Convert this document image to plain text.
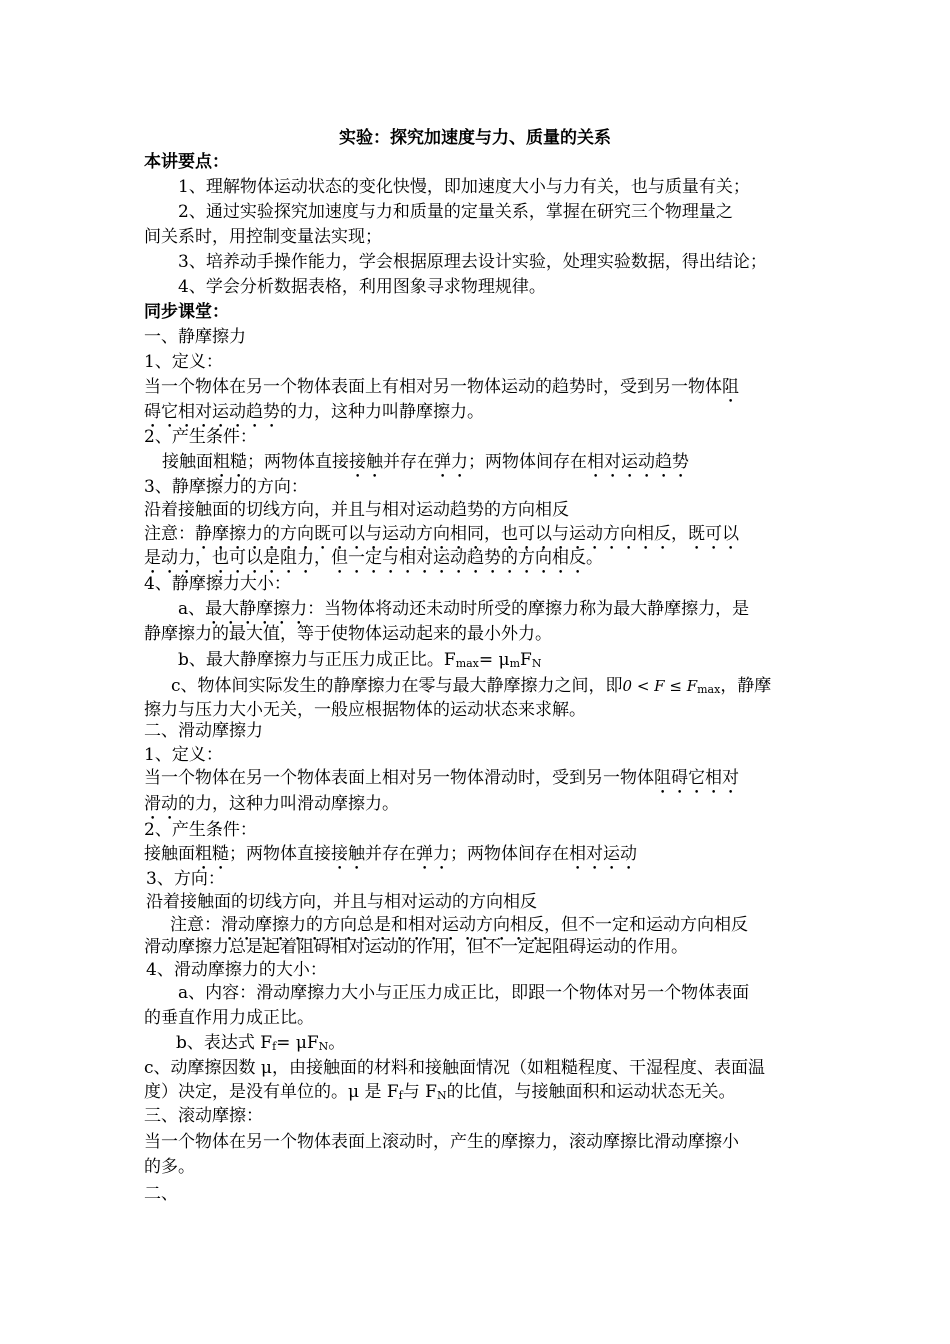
实验：探究加速度与力、质量的关系
本讲要点：
1、理解物体运动状态的变化快慢，即加速度大小与力有关，也与质量有关；
2、通过实验探究加速度与力和质量的定量关系，掌握在研究三个物理量之
间关系时，用控制变量法实现；
3、培养动手操作能力，学会根据原理去设计实验，处理实验数据，得出结论；
4、学会分析数据表格，利用图象寻求物理规律。
同步课堂：
一、静摩擦力
1、定义：
当一个物体在另一个物体表面上有相对另一物体运动的趋势时，受到另一物体阻
碍它相对运动趋势的力，这种力叫静摩擦力。
2、产生条件：
接触面粗糙；两物体直接接触并存在弹力；两物体间存在相对运动趋势
3、静摩擦力的方向：
沿着接触面的切线方向，并且与相对运动趋势的方向相反
注意：静摩擦力的方向既可以与运动方向相同，也可以与运动方向相反，既可以
是动力，也可以是阻力，但一定与相对运动趋势的方向相反。
4、静摩擦力大小：
a、最大静摩擦力：当物体将动还未动时所受的摩擦力称为最大静摩擦力，是
静摩擦力的最大值，等于使物体运动起来的最小外力。
b、最大静摩擦力与正压力成正比。$F_{max}= \mu_mF_N$
c、物体间实际发生的静摩擦力在零与最大静摩擦力之间，即$0 < F \le F_{max}$，静摩
擦力与压力大小无关，一般应根据物体的运动状态来求解。
二、滑动摩擦力
1、定义：
当一个物体在另一个物体表面上相对另一物体滑动时，受到另一物体阻碍它相对
滑动的力，这种力叫滑动摩擦力。
2、产生条件：
接触面粗糙；两物体直接接触并存在弹力；两物体间存在相对运动
3、方向：
沿着接触面的切线方向，并且与相对运动的方向相反
注意：滑动摩擦力的方向总是和相对运动方向相反，但不一定和运动方向相反
滑动摩擦力总是起着阻碍相对运动的作用，但不一定起阻碍运动的作用。
4、滑动摩擦力的大小：
a、内容：滑动摩擦力大小与正压力成正比，即跟一个物体对另一个物体表面
的垂直作用力成正比。
b、表达式 $F_f= \mu F_N$。
c、动摩擦因数 μ，由接触面的材料和接触面情况（如粗糙程度、干湿程度、表面温
度）决定，是没有单位的。μ 是 $F_f$与 $F_N$的比值，与接触面积和运动状态无关。
三、滚动摩擦：
当一个物体在另一个物体表面上滚动时，产生的摩擦力，滚动摩擦比滑动摩擦小
的多。
二、
